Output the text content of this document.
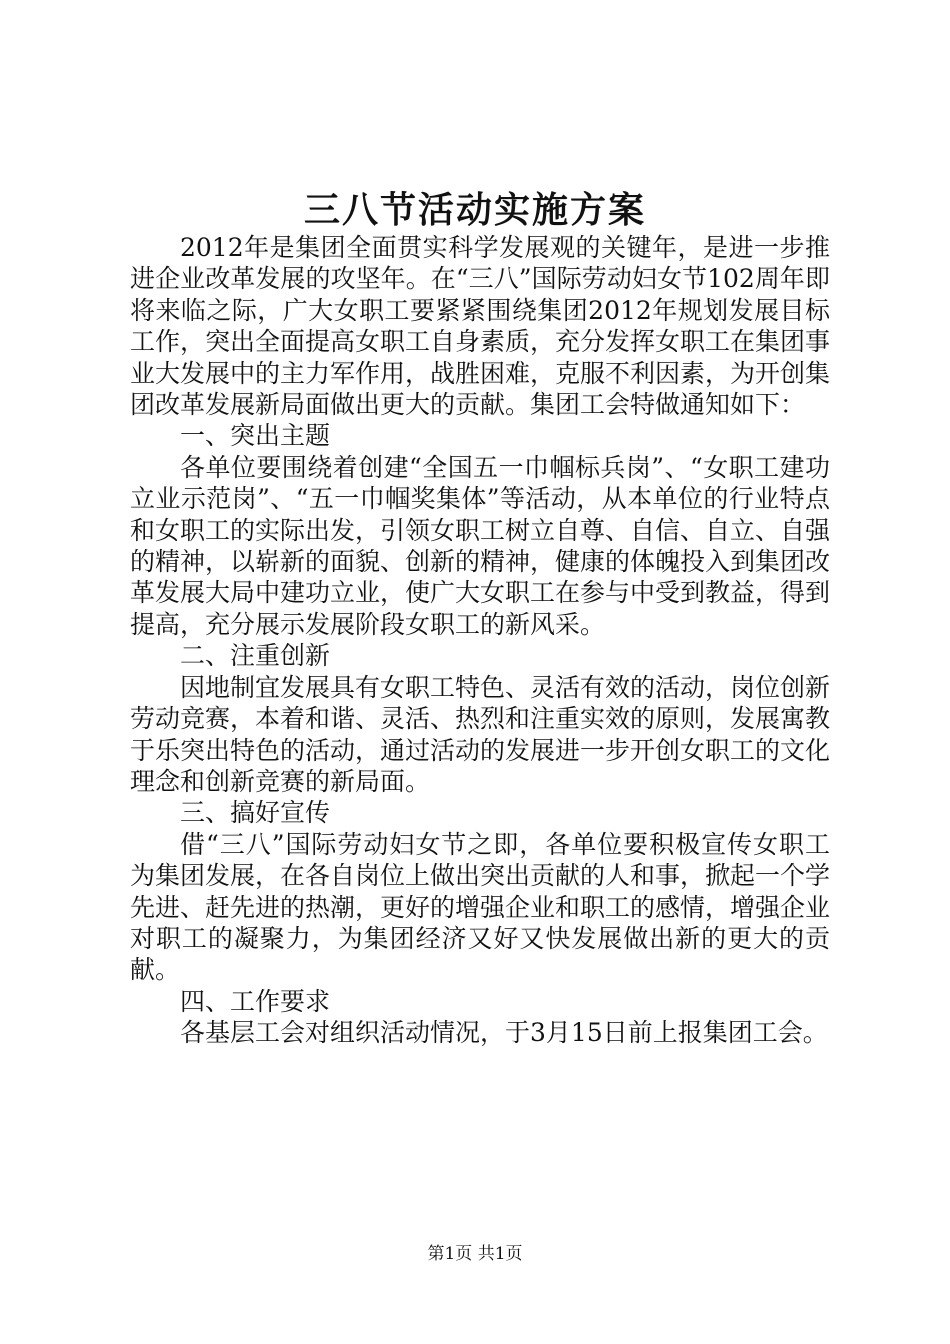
三八节活动实施方案

2012年是集团全面贯实科学发展观的关键年，是进一步推进企业改革发展的攻坚年。在“三八”国际劳动妇女节102周年即将来临之际，广大女职工要紧紧围绕集团2012年规划发展目标工作，突出全面提高女职工自身素质，充分发挥女职工在集团事业大发展中的主力军作用，战胜困难，克服不利因素，为开创集团改革发展新局面做出更大的贡献。集团工会特做通知如下：

一、突出主题

各单位要围绕着创建“全国五一巾帼标兵岗”、“女职工建功立业示范岗”、“五一巾帼奖集体”等活动，从本单位的行业特点和女职工的实际出发，引领女职工树立自尊、自信、自立、自强的精神，以崭新的面貌、创新的精神，健康的体魄投入到集团改革发展大局中建功立业，使广大女职工在参与中受到教益，得到提高，充分展示发展阶段女职工的新风采。

二、注重创新

因地制宜发展具有女职工特色、灵活有效的活动，岗位创新劳动竞赛，本着和谐、灵活、热烈和注重实效的原则，发展寓教于乐突出特色的活动，通过活动的发展进一步开创女职工的文化理念和创新竞赛的新局面。

三、搞好宣传

借“三八”国际劳动妇女节之即，各单位要积极宣传女职工为集团发展，在各自岗位上做出突出贡献的人和事，掀起一个学先进、赶先进的热潮，更好的增强企业和职工的感情，增强企业对职工的凝聚力，为集团经济又好又快发展做出新的更大的贡献。

四、工作要求

各基层工会对组织活动情况，于3月15日前上报集团工会。

第1页 共1页
